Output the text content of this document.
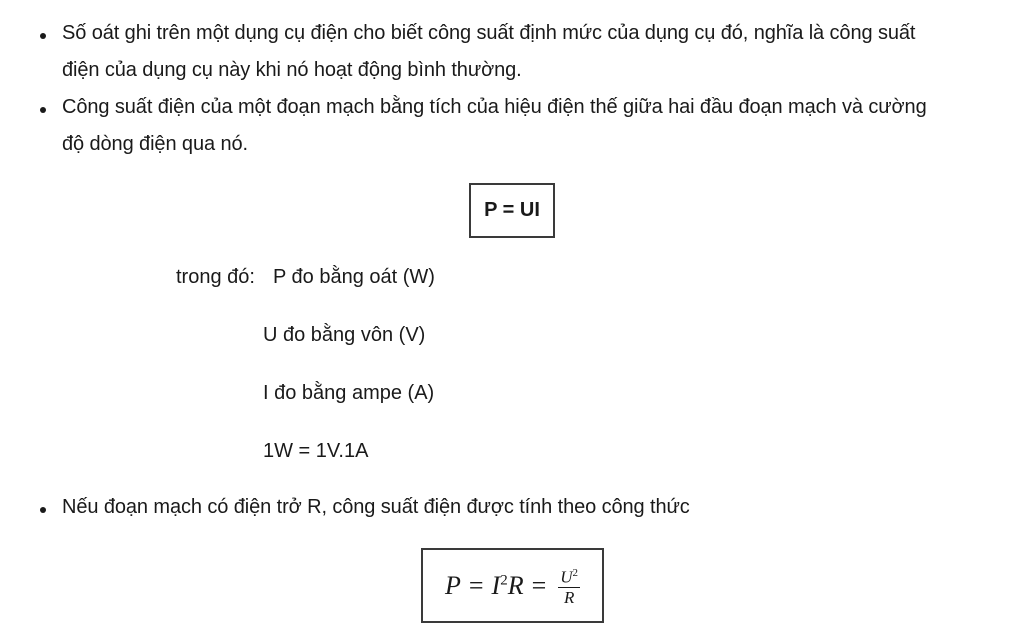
Số oát ghi trên một dụng cụ điện cho biết công suất định mức của dụng cụ đó, nghĩa là công suất
điện của dụng cụ này khi nó hoạt động bình thường.
Công suất điện của một đoạn mạch bằng tích của hiệu điện thế giữa hai đầu đoạn mạch và cường
độ dòng điện qua nó.
P = UI
trong đó: P đo bằng oát (W)
U đo bằng vôn (V)
I đo bằng ampe (A)
1W = 1V.1A
Nếu đoạn mạch có điện trở R, công suất điện được tính theo công thức
$P = I^2R = \frac{U^2}{R}$
